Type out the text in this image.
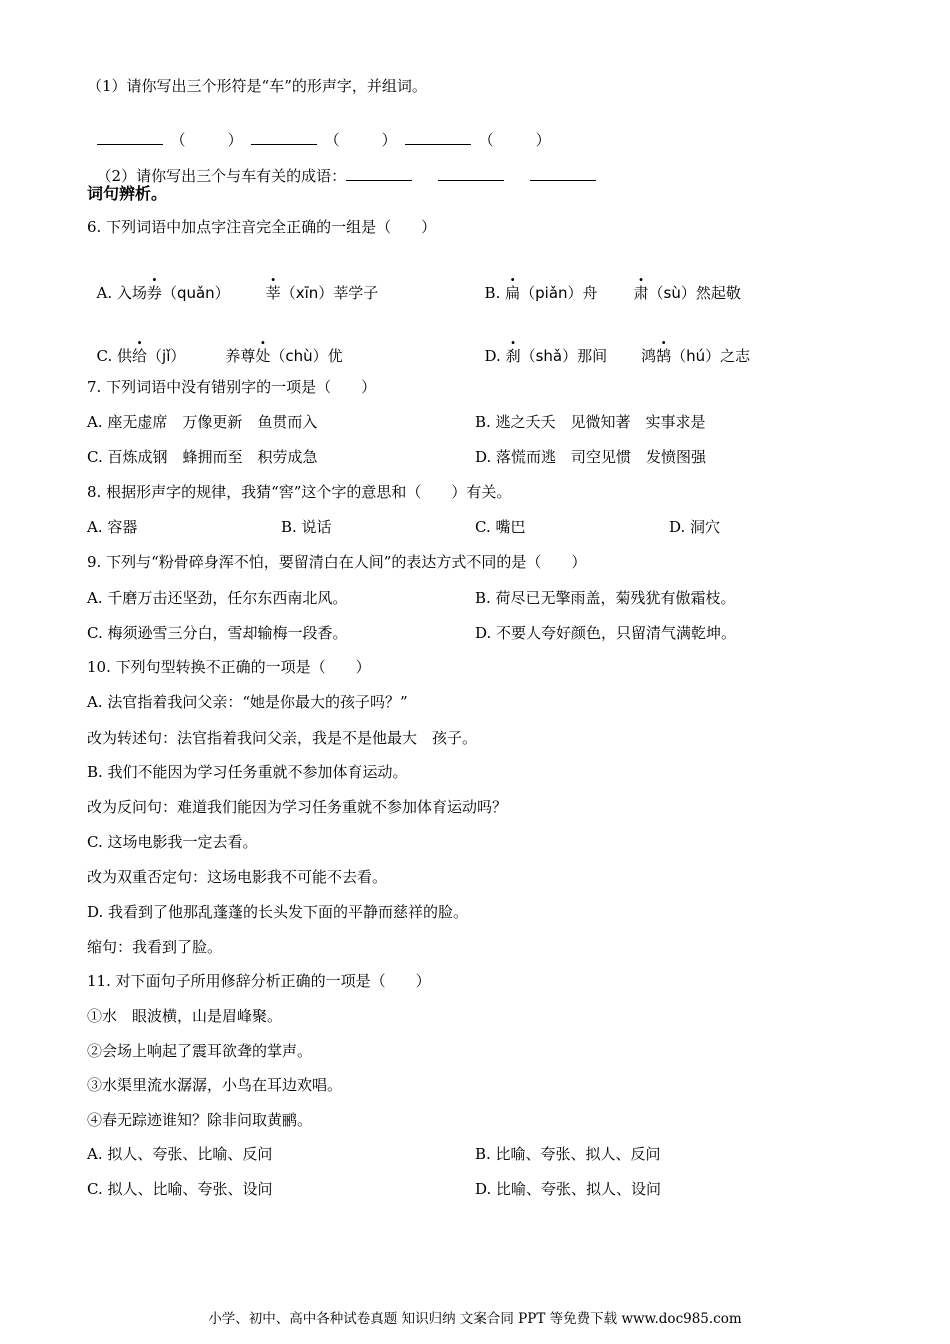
（1）请你写出三个形符是“车”的形声字，并组词。

（	）	（	）	（	）

（2）请你写出三个与车有关的成语：

词句辨析。
6. 下列词语中加点字注音完全正确的一组是（　　）

A. 入场券（quǎn） 莘（xīn）莘学子	B. 扁（piǎn）舟 肃（sù）然起敬

C. 供给（jǐ）	养尊处（chù）优	D. 刹（shǎ）那间 鸿鹄（hú）之志

7. 下列词语中没有错别字的一项是（　　）
A. 座无虚席　万像更新　鱼贯而入	B. 逃之夭夭　见微知著　实事求是
C. 百炼成钢　蜂拥而至　积劳成急	D. 落慌而逃　司空见惯　发愤图强
8. 根据形声字的规律，我猜“窖”这个字的意思和（　　）有关。
A. 容器	B. 说话	C. 嘴巴	D. 洞穴
9. 下列与“粉骨碎身浑不怕，要留清白在人间”的表达方式不同的是（　　）
A. 千磨万击还坚劲，任尔东西南北风。	B. 荷尽已无擎雨盖，菊残犹有傲霜枝。
C. 梅须逊雪三分白，雪却输梅一段香。	D. 不要人夸好颜色，只留清气满乾坤。
10. 下列句型转换不正确的一项是（　　）
A. 法官指着我问父亲：“她是你最大的孩子吗？”
改为转述句：法官指着我问父亲，我是不是他最大　孩子。
B. 我们不能因为学习任务重就不参加体育运动。
改为反问句：难道我们能因为学习任务重就不参加体育运动吗？
C. 这场电影我一定去看。
改为双重否定句：这场电影我不可能不去看。
D. 我看到了他那乱蓬蓬的长头发下面的平静而慈祥的脸。
缩句：我看到了脸。
11. 对下面句子所用修辞分析正确的一项是（　　）
①水　眼波横，山是眉峰聚。
②会场上响起了震耳欲聋的掌声。
③水渠里流水潺潺，小鸟在耳边欢唱。
④春无踪迹谁知？除非问取黄鹂。
A. 拟人、夸张、比喻、反问	B. 比喻、夸张、拟人、反问
C. 拟人、比喻、夸张、设问	D. 比喻、夸张、拟人、设问
小学、初中、高中各种试卷真题 知识归纳 文案合同 PPT 等免费下载 www.doc985.com
